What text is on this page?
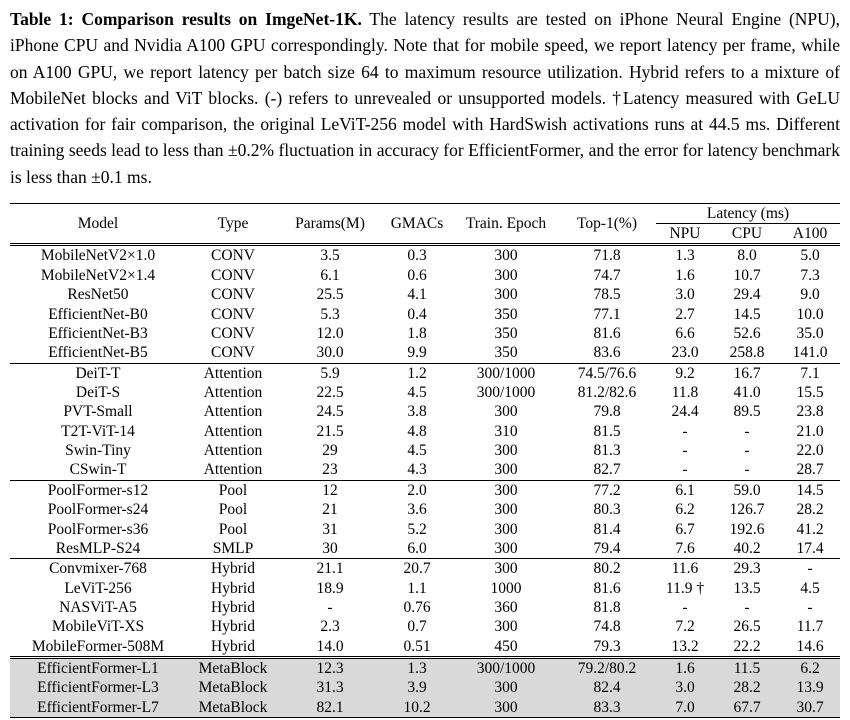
Table 1: Comparison results on ImgeNet-1K. The latency results are tested on iPhone Neural Engine (NPU), iPhone CPU and Nvidia A100 GPU correspondingly. Note that for mobile speed, we report latency per frame, while on A100 GPU, we report latency per batch size 64 to maximum resource utilization. Hybrid refers to a mixture of MobileNet blocks and ViT blocks. (-) refers to unrevealed or unsupported models. †Latency measured with GeLU activation for fair comparison, the original LeViT-256 model with HardSwish activations runs at 44.5 ms. Different training seeds lead to less than ±0.2% fluctuation in accuracy for EfficientFormer, and the error for latency benchmark is less than ±0.1 ms.

Model	Type	Params(M)	GMACs	Train. Epoch	Top-1(%)	Latency (ms)		
						NPU	CPU	A100
MobileNetV2×1.0	CONV	3.5	0.3	300	71.8	1.3	8.0	5.0
MobileNetV2×1.4	CONV	6.1	0.6	300	74.7	1.6	10.7	7.3
ResNet50	CONV	25.5	4.1	300	78.5	3.0	29.4	9.0
EfficientNet-B0	CONV	5.3	0.4	350	77.1	2.7	14.5	10.0
EfficientNet-B3	CONV	12.0	1.8	350	81.6	6.6	52.6	35.0
EfficientNet-B5	CONV	30.0	9.9	350	83.6	23.0	258.8	141.0
DeiT-T	Attention	5.9	1.2	300/1000	74.5/76.6	9.2	16.7	7.1
DeiT-S	Attention	22.5	4.5	300/1000	81.2/82.6	11.8	41.0	15.5
PVT-Small	Attention	24.5	3.8	300	79.8	24.4	89.5	23.8
T2T-ViT-14	Attention	21.5	4.8	310	81.5	-	-	21.0
Swin-Tiny	Attention	29	4.5	300	81.3	-	-	22.0
CSwin-T	Attention	23	4.3	300	82.7	-	-	28.7
PoolFormer-s12	Pool	12	2.0	300	77.2	6.1	59.0	14.5
PoolFormer-s24	Pool	21	3.6	300	80.3	6.2	126.7	28.2
PoolFormer-s36	Pool	31	5.2	300	81.4	6.7	192.6	41.2
ResMLP-S24	SMLP	30	6.0	300	79.4	7.6	40.2	17.4
Convmixer-768	Hybrid	21.1	20.7	300	80.2	11.6	29.3	-
LeViT-256	Hybrid	18.9	1.1	1000	81.6	11.9 †	13.5	4.5
NASViT-A5	Hybrid	-	0.76	360	81.8	-	-	-
MobileViT-XS	Hybrid	2.3	0.7	300	74.8	7.2	26.5	11.7
MobileFormer-508M	Hybrid	14.0	0.51	450	79.3	13.2	22.2	14.6
EfficientFormer-L1	MetaBlock	12.3	1.3	300/1000	79.2/80.2	1.6	11.5	6.2
EfficientFormer-L3	MetaBlock	31.3	3.9	300	82.4	3.0	28.2	13.9
EfficientFormer-L7	MetaBlock	82.1	10.2	300	83.3	7.0	67.7	30.7
